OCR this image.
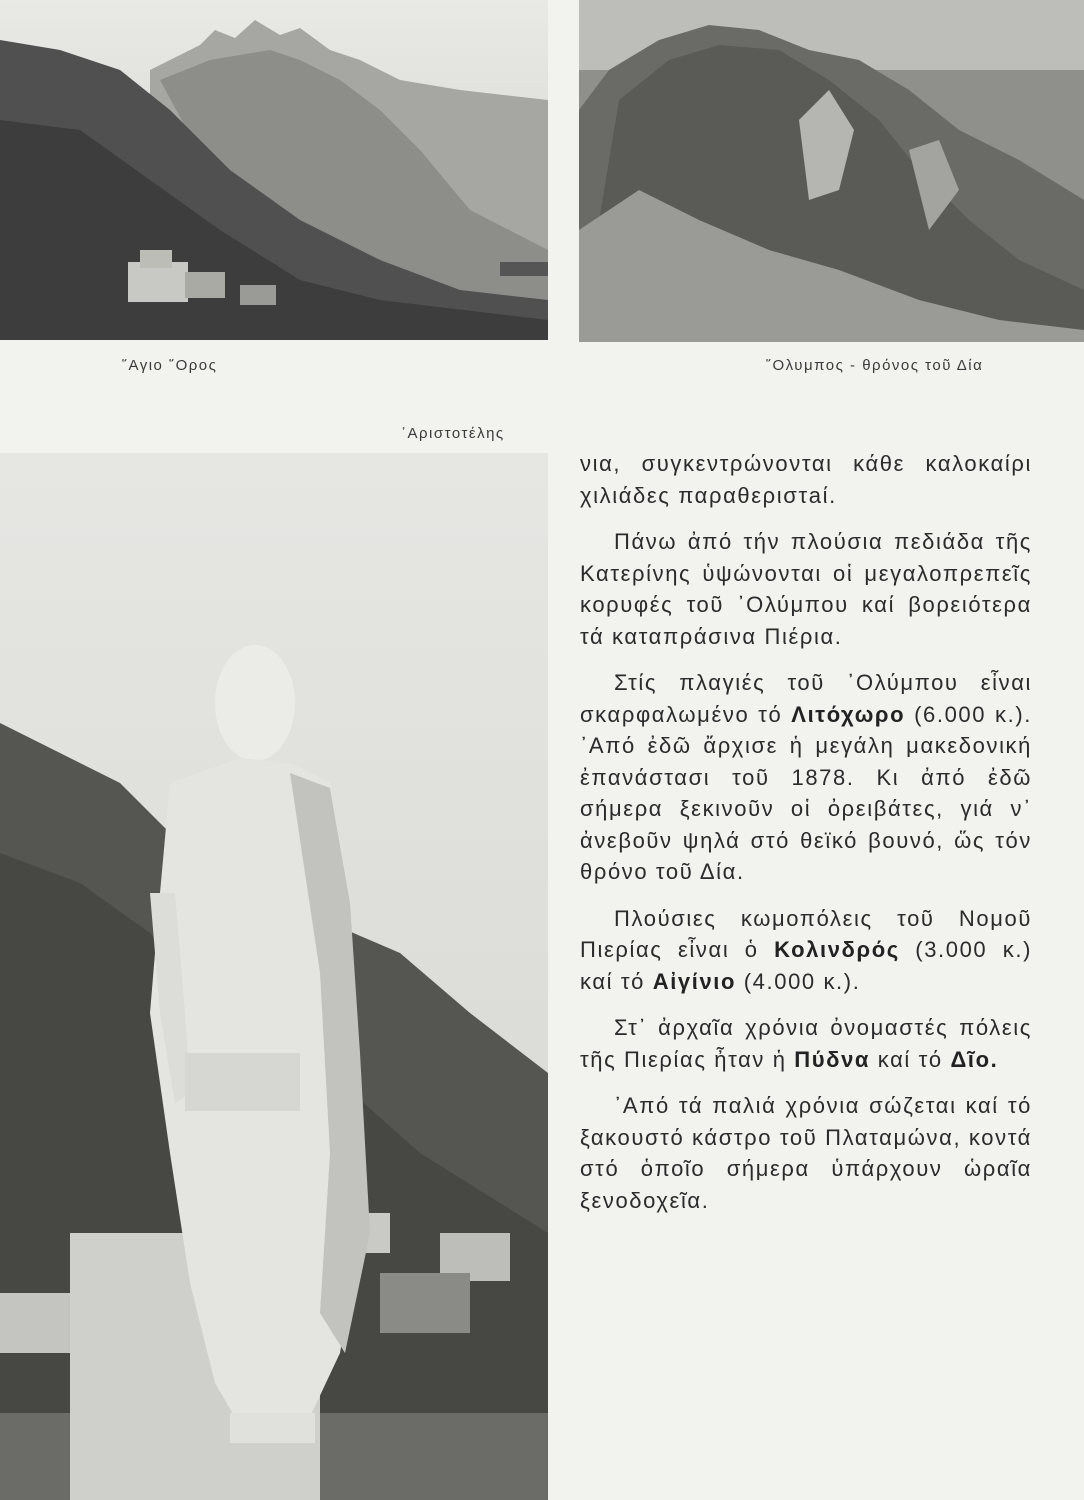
῞Αγιο ῞Ορος	῞Ολυμπος - θρόνος τοῦ Δία
᾽Αριστοτέλης

νια, συγκεντρώνονται κάθε καλοκαίρι χιλιάδες παραθεριστaί.

Πάνω ἀπό τήν πλούσια πεδιάδα τῆς Κατερίνης ὑψώνονται οἱ μεγαλοπρεπεῖς κορυφές τοῦ ᾽Ολύμπου καί βορειότερα τά καταπράσινα Πιέρια.

Στίς πλαγιές τοῦ ᾽Ολύμπου εἶναι σκαρφαλωμένο τό Λιτόχωρο (6.000 κ.). ᾽Από ἐδῶ ἄρχισε ἡ μεγάλη μακεδονική ἐπανάστασι τοῦ 1878. Κι ἀπό ἐδῶ σήμερα ξεκινοῦν οἱ ὀρειβάτες, γιά ν᾽ ἀνεβοῦν ψηλά στό θεϊκό βουνό, ὥς τόν θρόνο τοῦ Δία.

Πλούσιες κωμοπόλεις τοῦ Νομοῦ Πιερίας εἶναι ὁ Κολινδρός (3.000 κ.) καί τό Αἰγίνιο (4.000 κ.).

Στ᾽ ἀρχαῖα χρόνια ὀνομαστές πόλεις τῆς Πιερίας ἦταν ἡ Πύδνα καί τό Δῖο.

᾽Από τά παλιά χρόνια σώζεται καί τό ξακουστό κάστρο τοῦ Πλαταμώνα, κοντά στό ὁποῖο σήμερα ὑπάρχουν ὡραῖα ξενοδοχεῖα.
